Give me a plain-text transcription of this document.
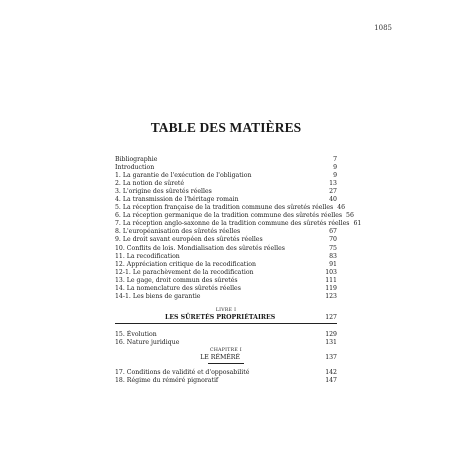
1085
TABLE DES MATIÈRES
Bibliographie	7
Introduction	9
1. La garantie de l'exécution de l'obligation	9
2. La notion de sûreté	13
3. L'origine des sûretés réelles	27
4. La transmission de l'héritage romain	40
5. La réception française de la tradition commune des sûretés réelles 46
6. La réception germanique de la tradition commune des sûretés réelles 56
7. La réception anglo-saxonne de la tradition commune des sûretés réelles 61
8. L'européanisation des sûretés réelles	67
9. Le droit savant européen des sûretés réelles	70
10. Conflits de lois. Mondialisation des sûretés réelles	75
11. La recodification	83
12. Appréciation critique de la recodification	91
12-1. Le parachèvement de la recodification	103
13. Le gage, droit commun des sûretés	111
14. La nomenclature des sûretés réelles	119
14-1. Les biens de garantie	123
LIVRE I
LES SÛRETÉS PROPRIÉTAIRES	127
15. Évolution	129
16. Nature juridique	131
CHAPITRE I
LE RÉMÉRÉ	137
17. Conditions de validité et d'opposabilité	142
18. Régime du réméré pignoratif	147
